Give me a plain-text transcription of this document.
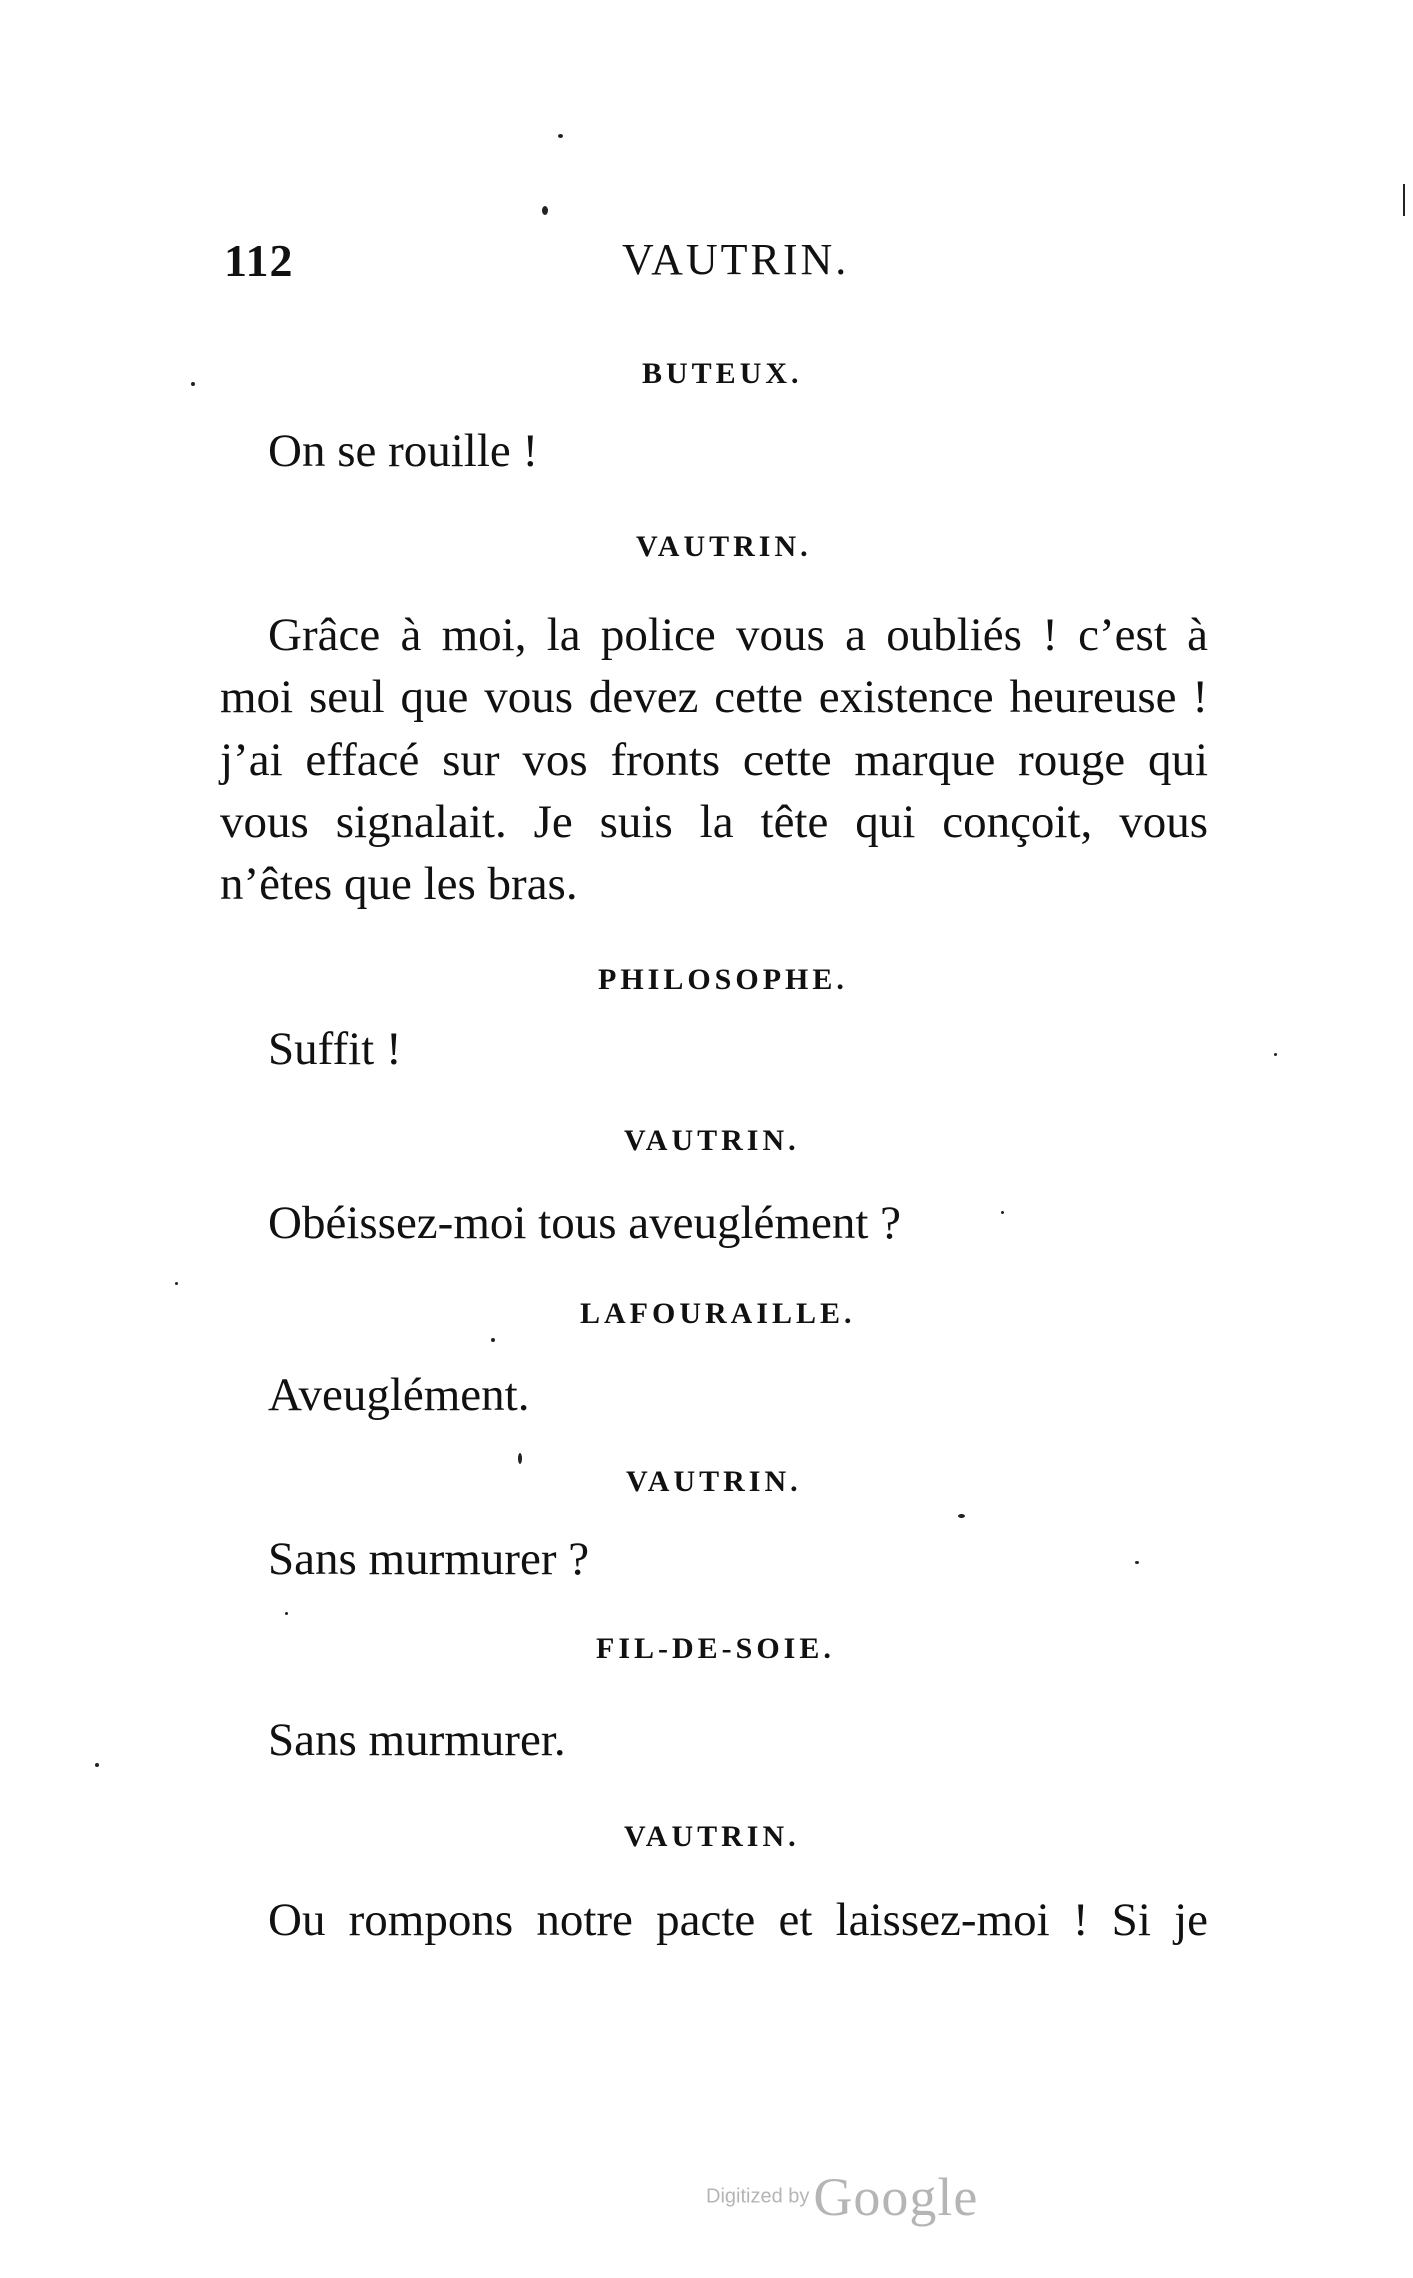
112	VAUTRIN.
BUTEUX.
On se rouille !
VAUTRIN.
Grâce à moi, la police vous a oubliés ! c’est à
moi seul que vous devez cette existence heureuse !
j’ai effacé sur vos fronts cette marque rouge qui
vous signalait. Je suis la tête qui conçoit, vous
n’êtes que les bras.
PHILOSOPHE.
Suffit !
VAUTRIN.
Obéissez-moi tous aveuglément ?
LAFOURAILLE.
Aveuglément.
VAUTRIN.
Sans murmurer ?
FIL-DE-SOIE.
Sans murmurer.
VAUTRIN.
Ou rompons notre pacte et laissez-moi ! Si je
Digitized by Google
